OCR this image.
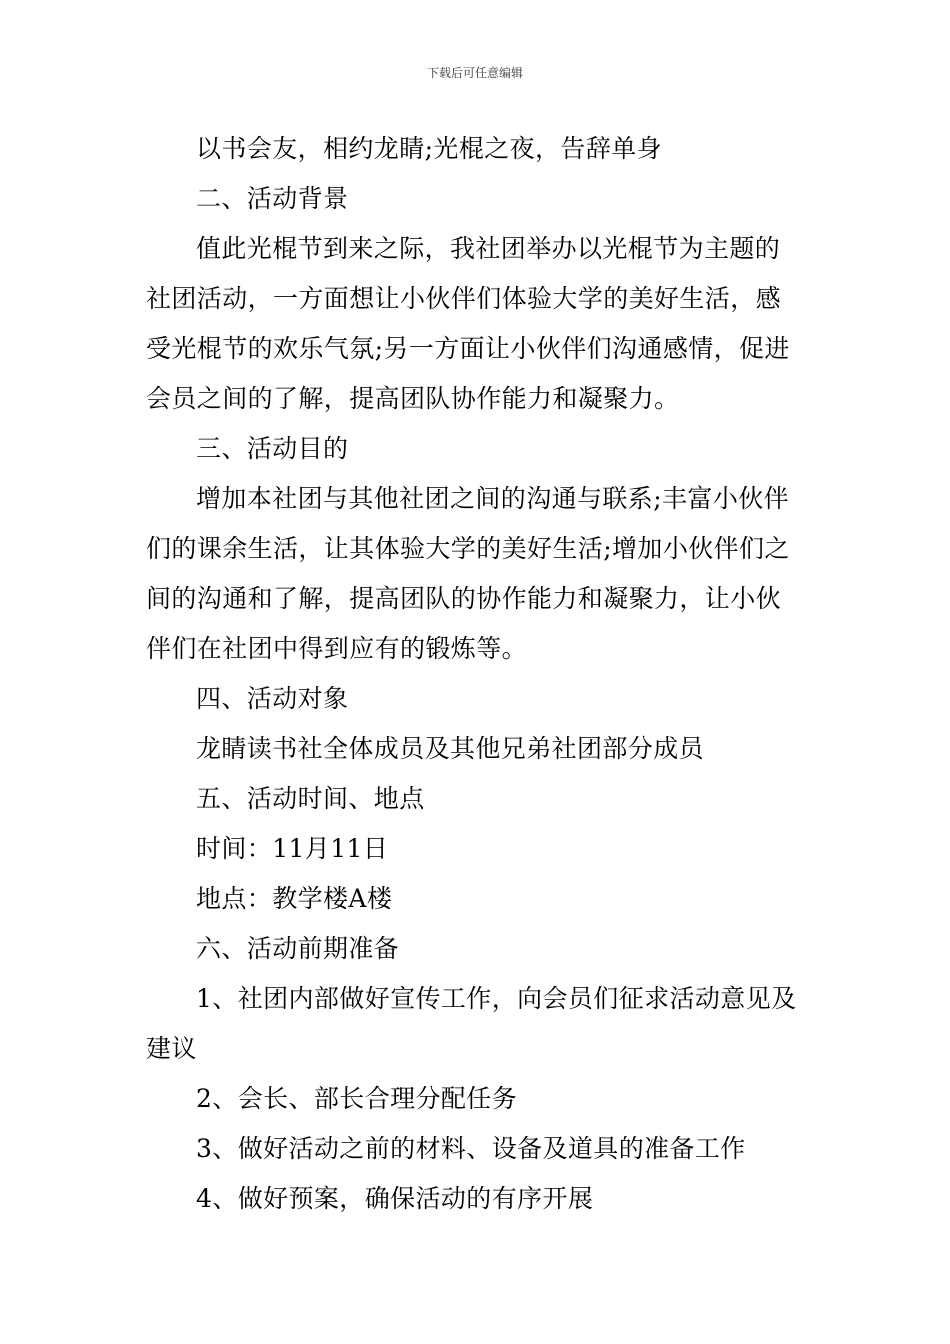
下载后可任意编辑

以书会友，相约龙睛;光棍之夜，告辞单身

二、活动背景

值此光棍节到来之际，我社团举办以光棍节为主题的

社团活动，一方面想让小伙伴们体验大学的美好生活，感

受光棍节的欢乐气氛;另一方面让小伙伴们沟通感情，促进

会员之间的了解，提高团队协作能力和凝聚力。

三、活动目的

增加本社团与其他社团之间的沟通与联系;丰富小伙伴

们的课余生活，让其体验大学的美好生活;增加小伙伴们之

间的沟通和了解，提高团队的协作能力和凝聚力，让小伙

伴们在社团中得到应有的锻炼等。

四、活动对象

龙睛读书社全体成员及其他兄弟社团部分成员

五、活动时间、地点

时间：11月11日

地点：教学楼A楼

六、活动前期准备

1、社团内部做好宣传工作，向会员们征求活动意见及

建议

2、会长、部长合理分配任务

3、做好活动之前的材料、设备及道具的准备工作

4、做好预案，确保活动的有序开展
